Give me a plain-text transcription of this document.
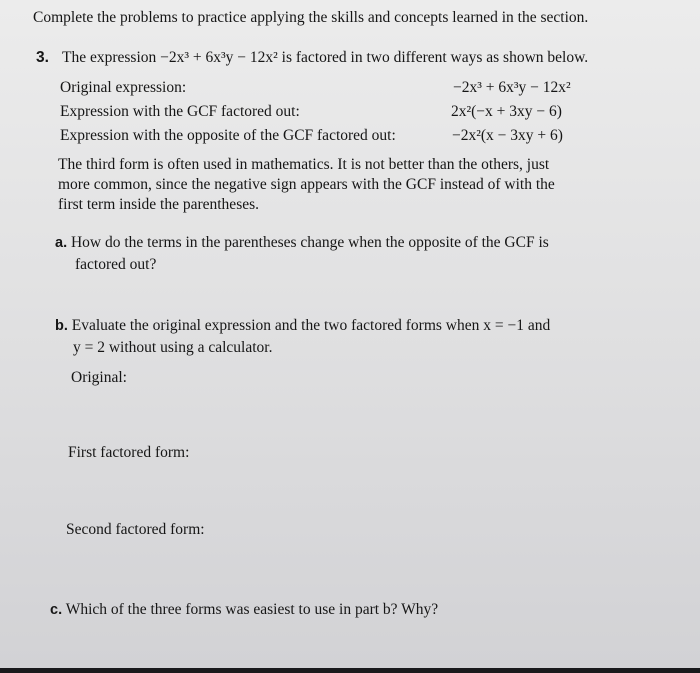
Complete the problems to practice applying the skills and concepts learned in the section.
3. The expression −2x³ + 6x³y − 12x² is factored in two different ways as shown below.
Original expression:	−2x³ + 6x³y − 12x²
Expression with the GCF factored out:	2x²(−x + 3xy − 6)
Expression with the opposite of the GCF factored out:	−2x²(x − 3xy + 6)
The third form is often used in mathematics. It is not better than the others, just
more common, since the negative sign appears with the GCF instead of with the
first term inside the parentheses.
a. How do the terms in the parentheses change when the opposite of the GCF is
factored out?
b. Evaluate the original expression and the two factored forms when x = −1 and
y = 2 without using a calculator.
Original:
First factored form:
Second factored form:
c. Which of the three forms was easiest to use in part b? Why?
